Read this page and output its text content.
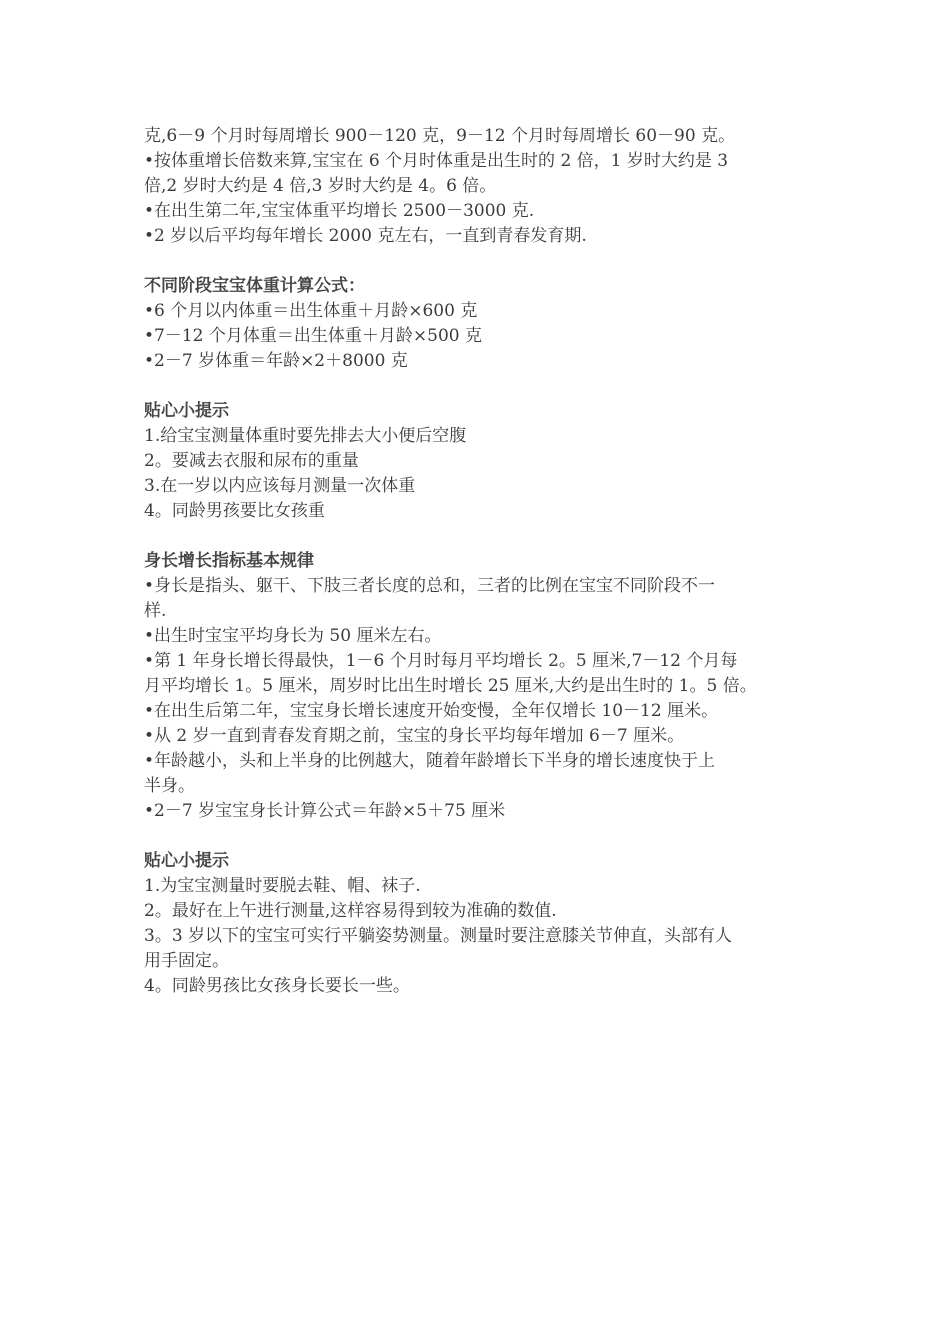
克,6－9 个月时每周增长 900－120 克，9－12 个月时每周增长 60－90 克。
•按体重增长倍数来算,宝宝在 6 个月时体重是出生时的 2 倍，1 岁时大约是 3
倍,2 岁时大约是 4 倍,3 岁时大约是 4。6 倍。
•在出生第二年,宝宝体重平均增长 2500－3000 克.
•2 岁以后平均每年增长 2000 克左右，一直到青春发育期.
不同阶段宝宝体重计算公式：
•6 个月以内体重＝出生体重＋月龄×600 克
•7－12 个月体重＝出生体重＋月龄×500 克
•2－7 岁体重＝年龄×2＋8000 克
贴心小提示
1.给宝宝测量体重时要先排去大小便后空腹
2。要减去衣服和尿布的重量
3.在一岁以内应该每月测量一次体重
4。同龄男孩要比女孩重
身长增长指标基本规律
•身长是指头、躯干、下肢三者长度的总和，三者的比例在宝宝不同阶段不一
样.
•出生时宝宝平均身长为 50 厘米左右。
•第 1 年身长增长得最快，1－6 个月时每月平均增长 2。5 厘米,7－12 个月每
月平均增长 1。5 厘米，周岁时比出生时增长 25 厘米,大约是出生时的 1。5 倍。
•在出生后第二年，宝宝身长增长速度开始变慢，全年仅增长 10－12 厘米。
•从 2 岁一直到青春发育期之前，宝宝的身长平均每年增加 6－7 厘米。
•年龄越小，头和上半身的比例越大，随着年龄增长下半身的增长速度快于上
半身。
•2－7 岁宝宝身长计算公式＝年龄×5＋75 厘米
贴心小提示
1.为宝宝测量时要脱去鞋、帽、袜子.
2。最好在上午进行测量,这样容易得到较为准确的数值.
3。3 岁以下的宝宝可实行平躺姿势测量。测量时要注意膝关节伸直，头部有人
用手固定。
4。同龄男孩比女孩身长要长一些。
